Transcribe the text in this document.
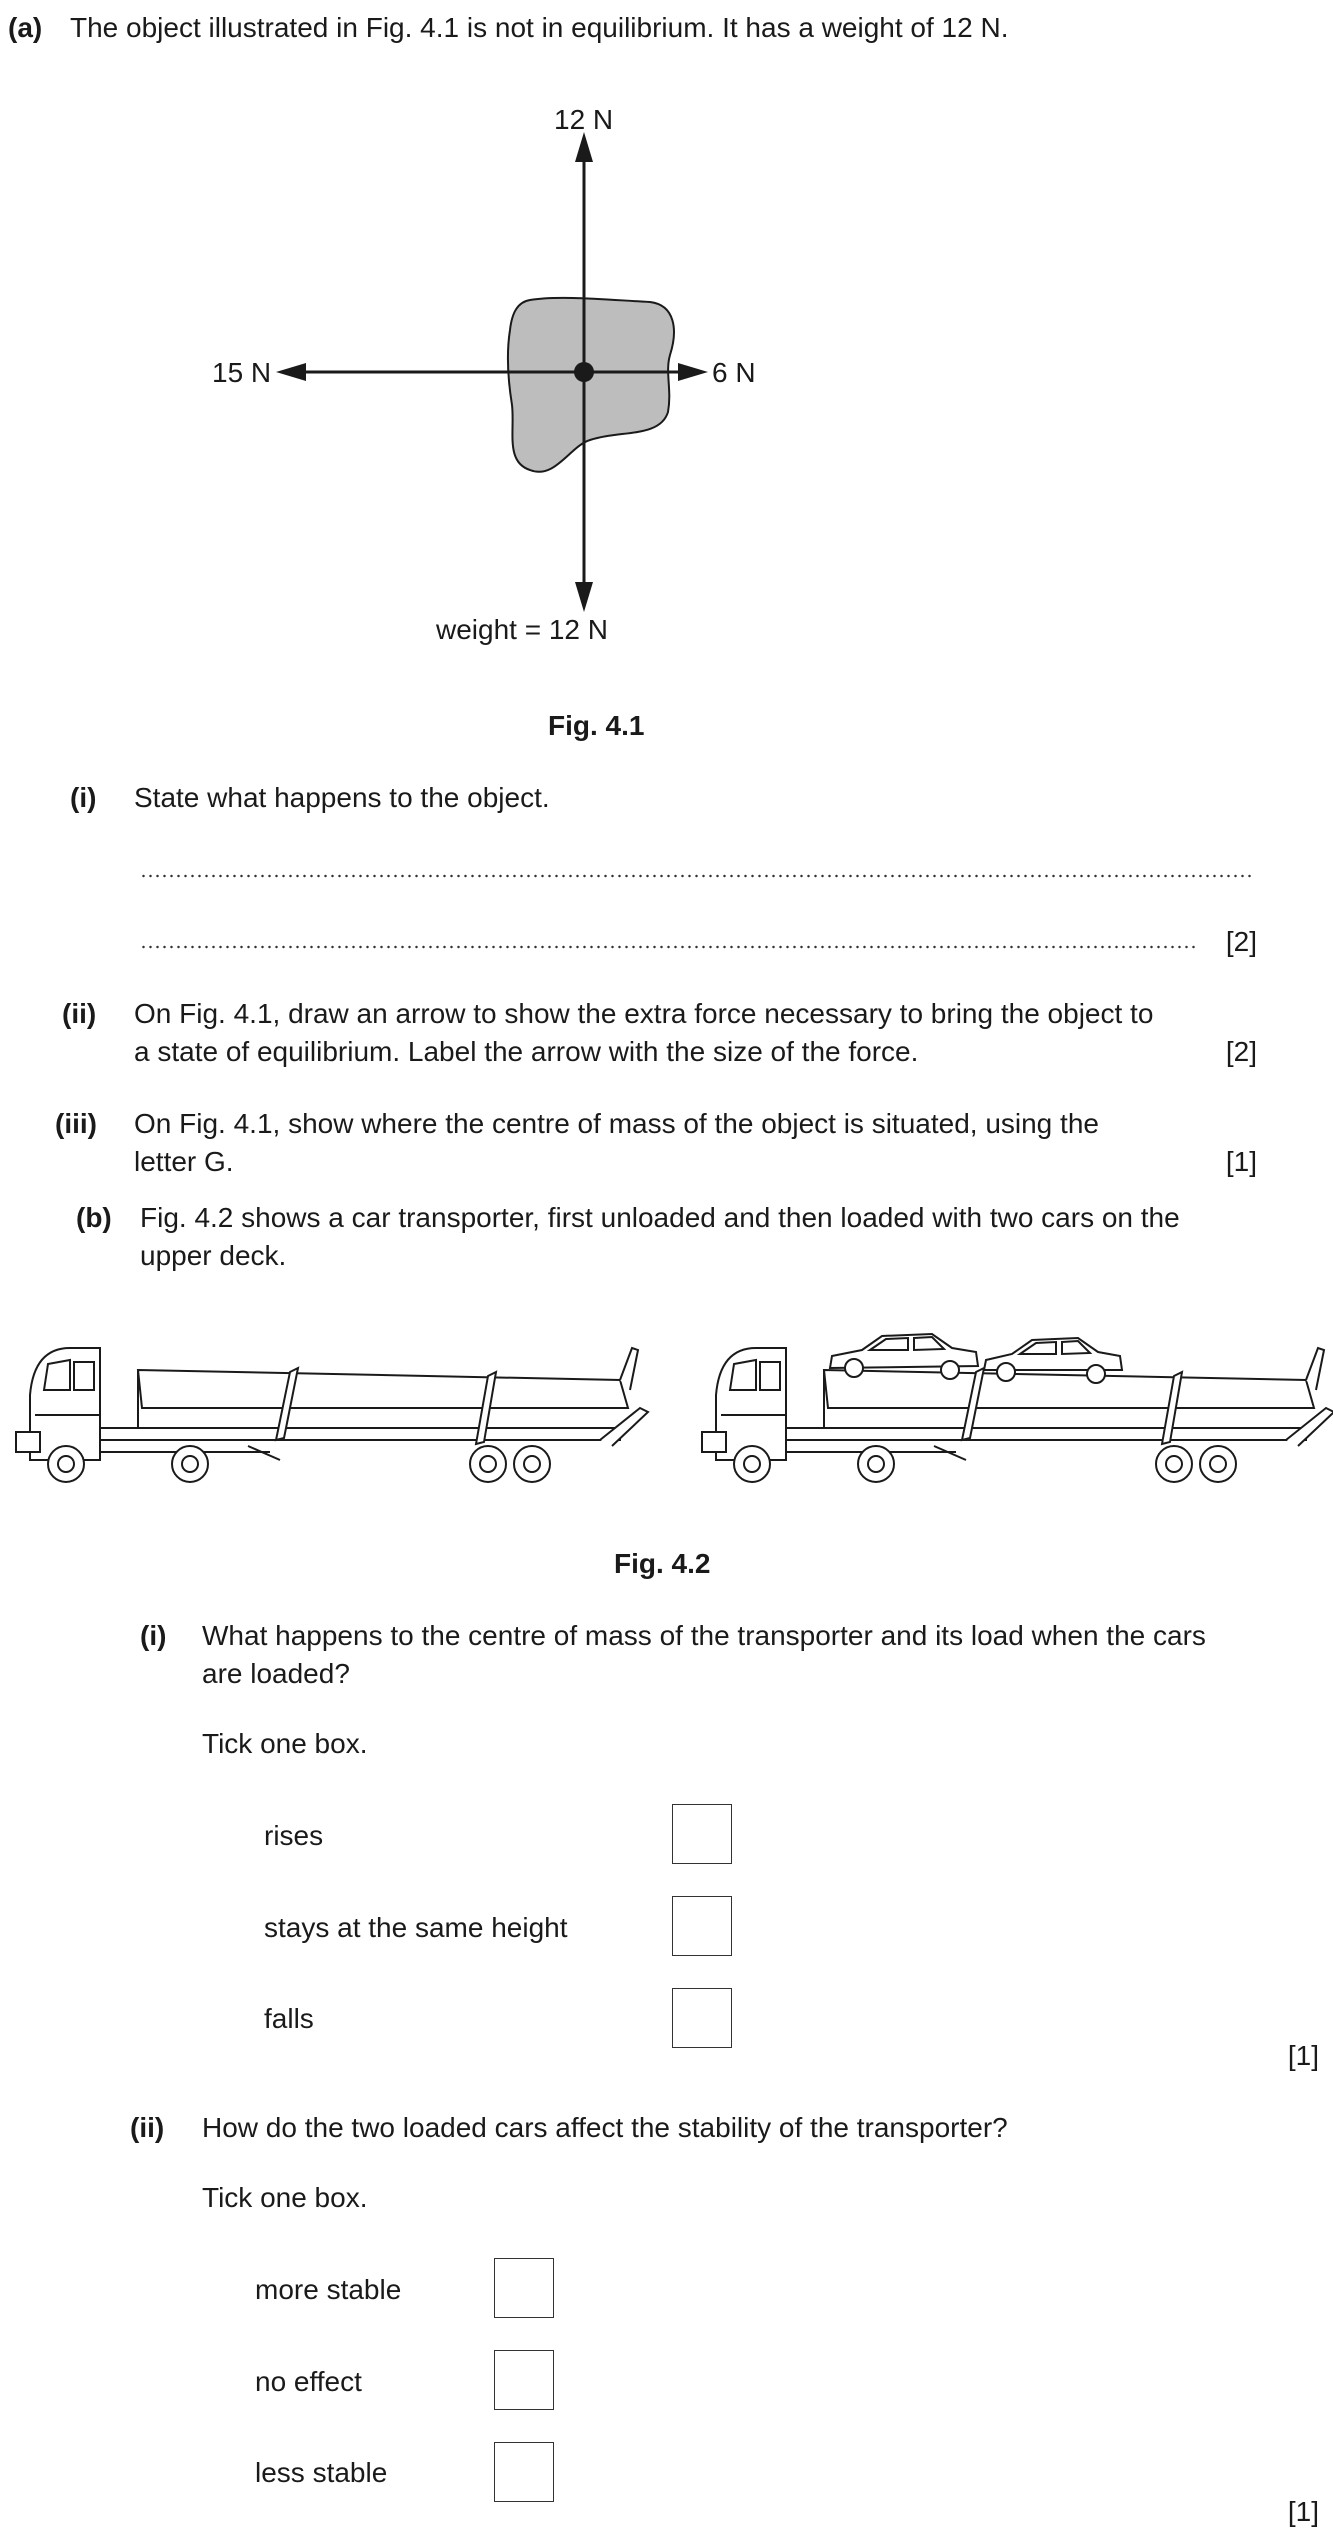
(a) The object illustrated in Fig. 4.1 is not in equilibrium. It has a weight of 12 N.
12 N
15 N	6 N
weight = 12 N
Fig. 4.1
(i) State what happens to the object.
[2]
(ii) On Fig. 4.1, draw an arrow to show the extra force necessary to bring the object to
a state of equilibrium. Label the arrow with the size of the force.	[2]
(iii) On Fig. 4.1, show where the centre of mass of the object is situated, using the
letter G.	[1]
(b) Fig. 4.2 shows a car transporter, first unloaded and then loaded with two cars on the
upper deck.
Fig. 4.2
(i) What happens to the centre of mass of the transporter and its load when the cars
are loaded?
Tick one box.
rises
stays at the same height
falls
[1]
(ii) How do the two loaded cars affect the stability of the transporter?
Tick one box.
more stable
no effect
less stable
[1]
